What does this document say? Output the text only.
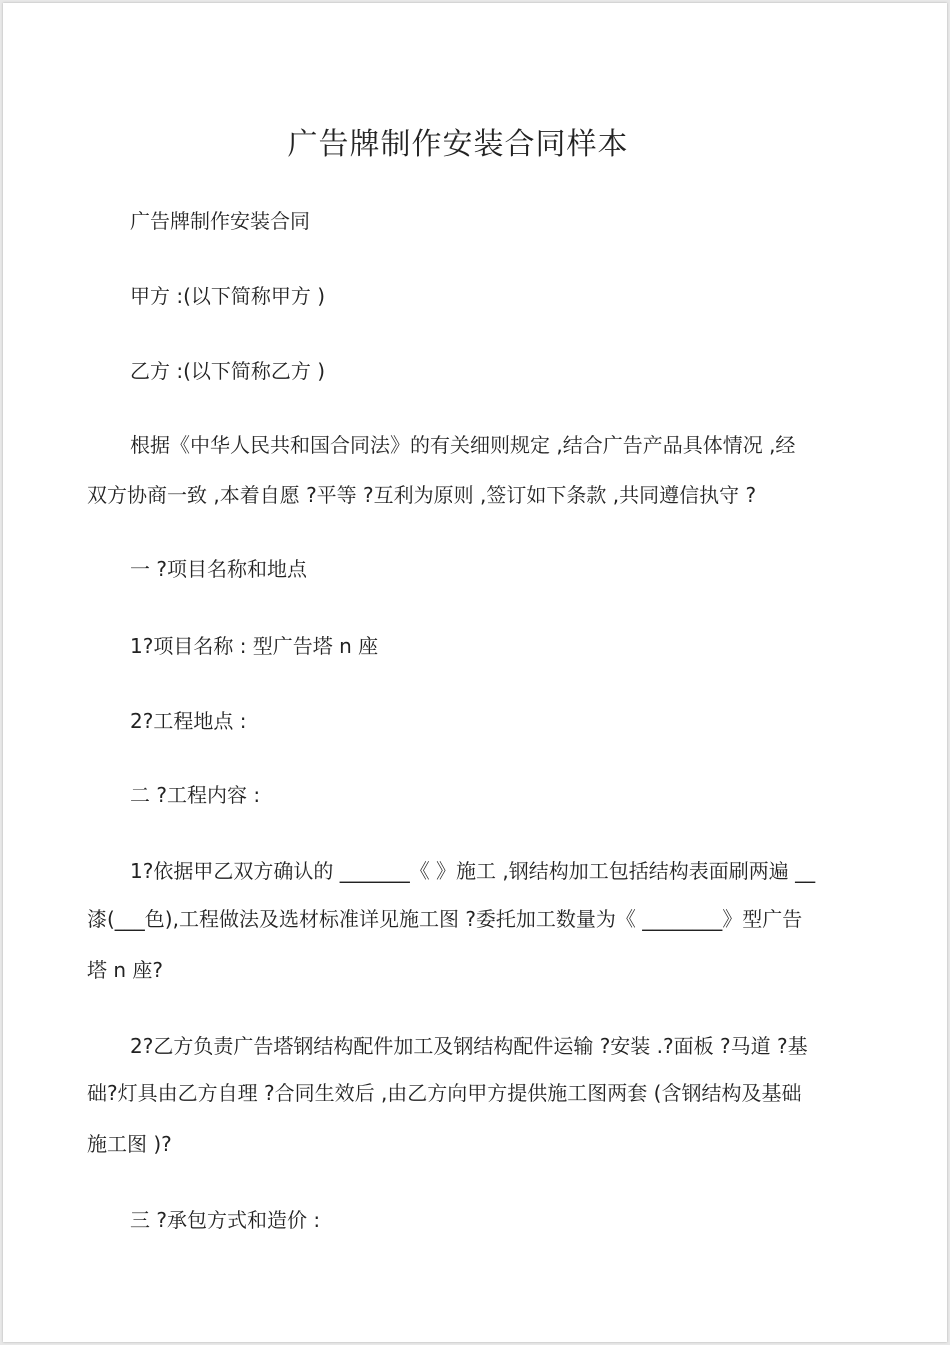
广告牌制作安装合同样本
广告牌制作安装合同
甲方 :(以下简称甲方 )
乙方 :(以下简称乙方 )
根据《中华人民共和国合同法》的有关细则规定 ,结合广告产品具体情况 ,经
双方协商一致 ,本着自愿 ?平等 ?互利为原则 ,签订如下条款 ,共同遵信执守 ?
一 ?项目名称和地点
1?项目名称 : 型广告塔 n 座
2?工程地点 :
二 ?工程内容 :
1?依据甲乙双方确认的 _______《 》施工 ,钢结构加工包括结构表面刷两遍 __
漆(___色),工程做法及选材标准详见施工图 ?委托加工数量为《 ________》型广告
塔 n 座?
2?乙方负责广告塔钢结构配件加工及钢结构配件运输 ?安装 .?面板 ?马道 ?基
础?灯具由乙方自理 ?合同生效后 ,由乙方向甲方提供施工图两套 (含钢结构及基础
施工图 )?
三 ?承包方式和造价 :
